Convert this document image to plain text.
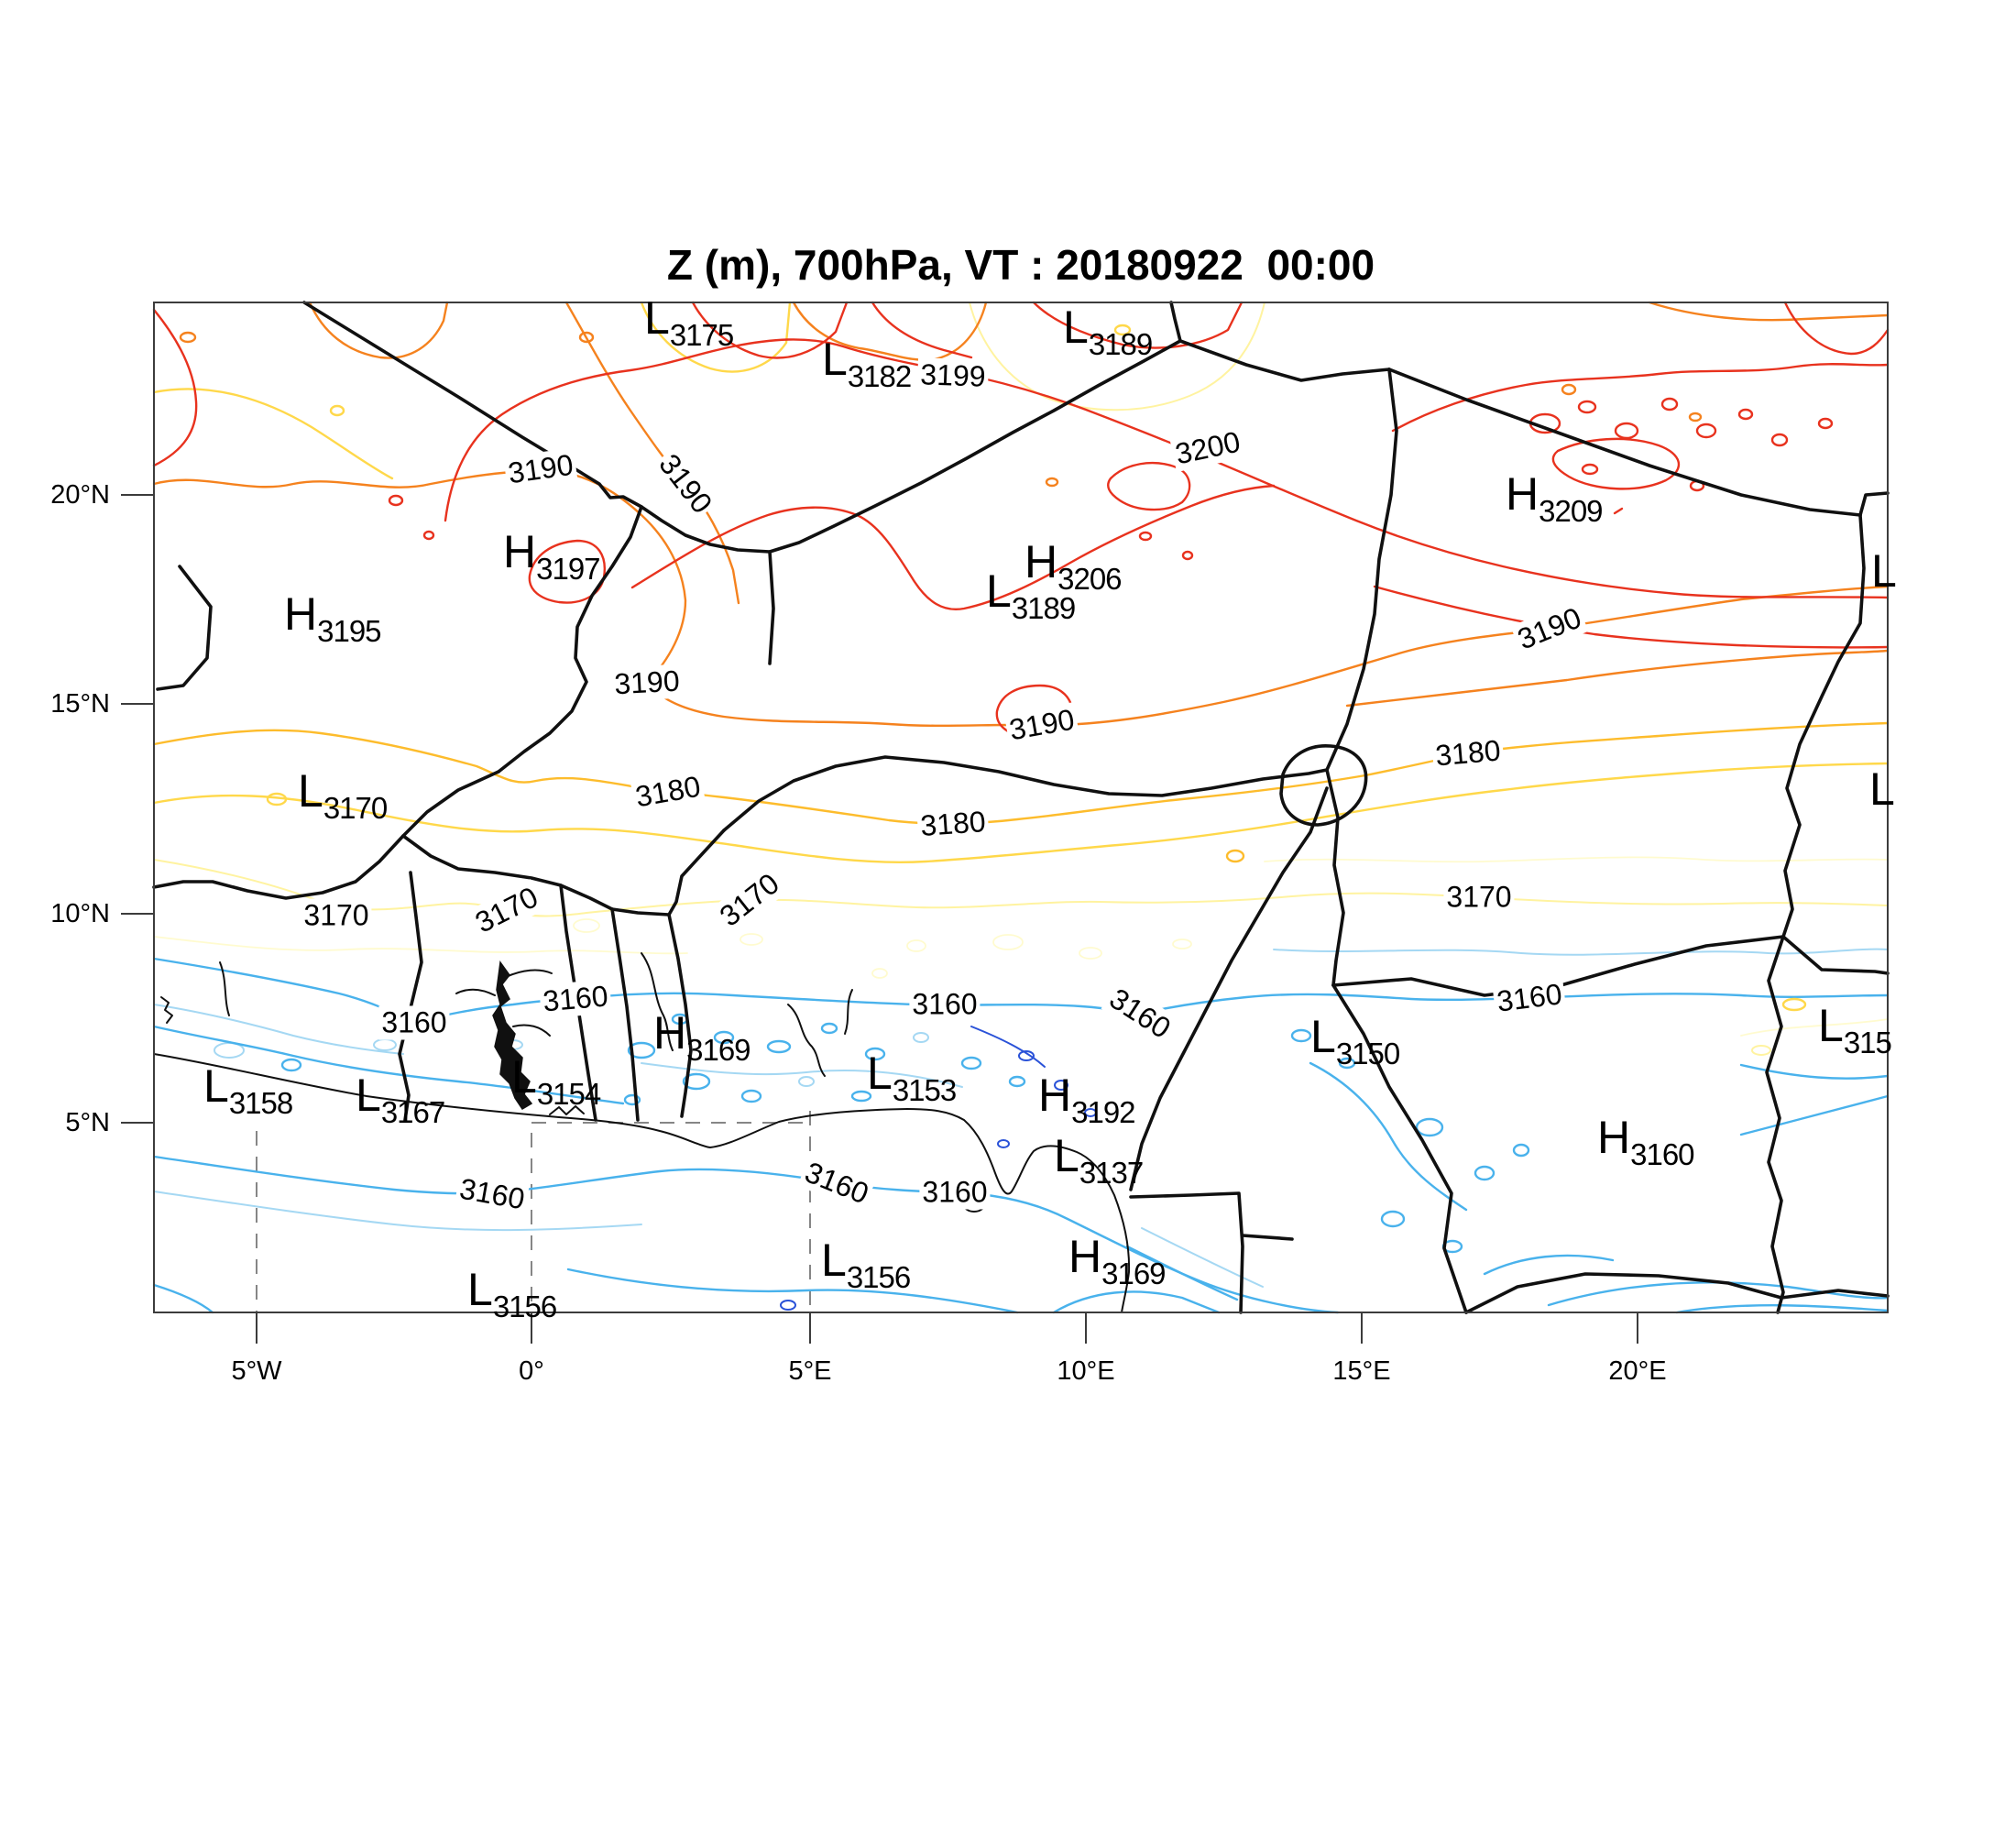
Z (m), 700hPa, VT : 20180922  00:00
L3175 L3182
L3189
H3197
H3195
H3209
H3206
L3189
L3170
H3169	L3153 H3192
L3150
L
L
L315
H3160
L3158 L3167
L3154
L3137
L3156	H3169
L3156
3199
3200
3190	3190
3190
3190
3190
3180
3180
3180
3170	3170
3170
3170
3160
3160	3160	3160	3160
3160 3160
3160
20°N
15°N
10°N
5°N
5°W	0°	5°E	10°E	15°E	20°E
